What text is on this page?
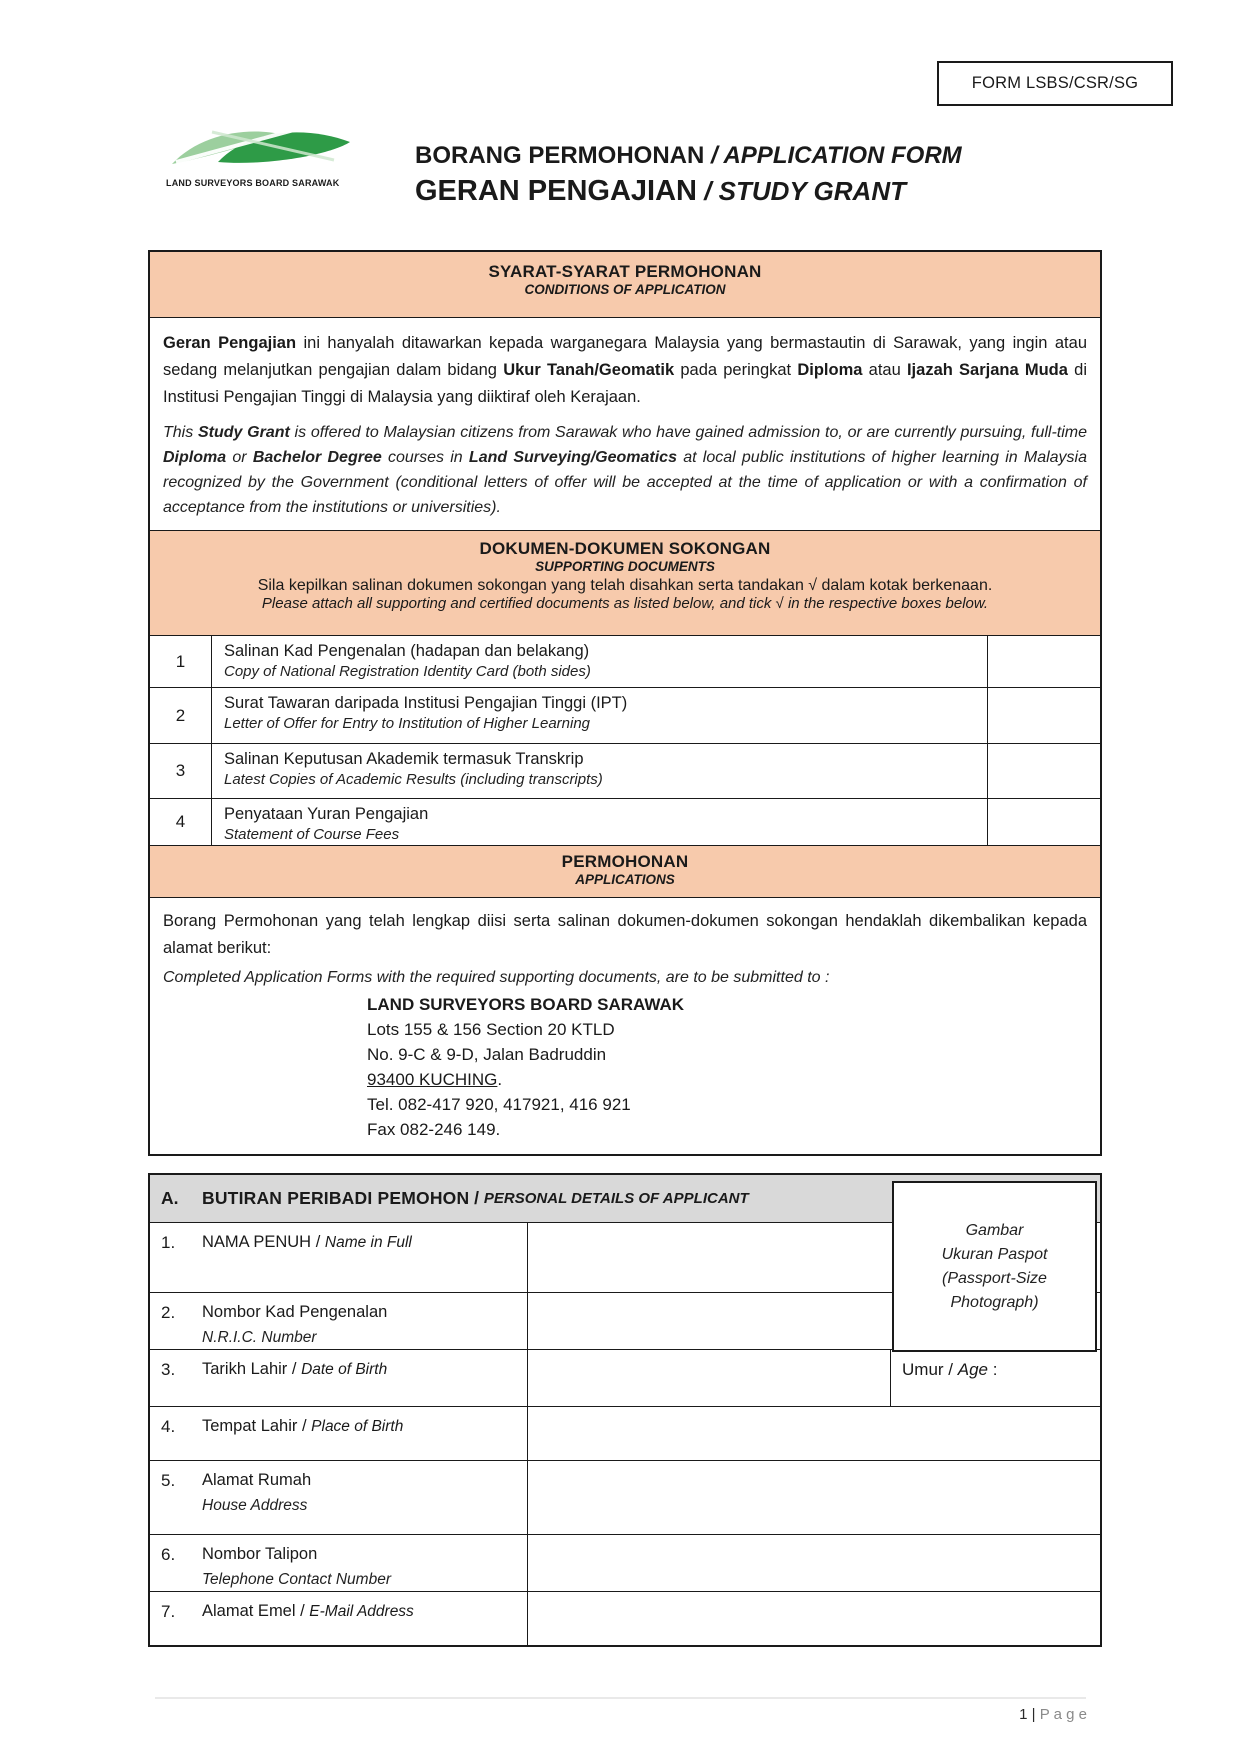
FORM LSBS/CSR/SG
LAND SURVEYORS BOARD SARAWAK
BORANG PERMOHONAN / APPLICATION FORM
GERAN PENGAJIAN / STUDY GRANT
SYARAT-SYARAT PERMOHONAN
CONDITIONS OF APPLICATION
Geran Pengajian ini hanyalah ditawarkan kepada warganegara Malaysia yang bermastautin di Sarawak, yang ingin atau sedang melanjutkan pengajian dalam bidang Ukur Tanah/Geomatik pada peringkat Diploma atau Ijazah Sarjana Muda di Institusi Pengajian Tinggi di Malaysia yang diiktiraf oleh Kerajaan.
This Study Grant is offered to Malaysian citizens from Sarawak who have gained admission to, or are currently pursuing, full-time Diploma or Bachelor Degree courses in Land Surveying/Geomatics at local public institutions of higher learning in Malaysia recognized by the Government (conditional letters of offer will be accepted at the time of application or with a confirmation of acceptance from the institutions or universities).
DOKUMEN-DOKUMEN SOKONGAN
SUPPORTING DOCUMENTS
Sila kepilkan salinan dokumen sokongan yang telah disahkan serta tandakan √ dalam kotak berkenaan.
Please attach all supporting and certified documents as listed below, and tick √ in the respective boxes below.
1
Salinan Kad Pengenalan (hadapan dan belakang)
Copy of National Registration Identity Card (both sides)
2
Surat Tawaran daripada Institusi Pengajian Tinggi (IPT)
Letter of Offer for Entry to Institution of Higher Learning
3
Salinan Keputusan Akademik termasuk Transkrip
Latest Copies of Academic Results (including transcripts)
4	Penyataan Yuran Pengajian
Statement of Course Fees
PERMOHONAN
APPLICATIONS
Borang Permohonan yang telah lengkap diisi serta salinan dokumen-dokumen sokongan hendaklah dikembalikan kepada alamat berikut:
Completed Application Forms with the required supporting documents, are to be submitted to :
LAND SURVEYORS BOARD SARAWAK
Lots 155 & 156 Section 20 KTLD
No. 9-C & 9-D, Jalan Badruddin
93400 KUCHING.
Tel. 082-417 920, 417921, 416 921
Fax 082-246 149.
A.	BUTIRAN PERIBADI PEMOHON / PERSONAL DETAILS OF APPLICANT
1.	NAMA PENUH / Name in Full
2.	Nombor Kad Pengenalan
N.R.I.C. Number
3.	Tarikh Lahir / Date of Birth	Umur / Age :
4.	Tempat Lahir / Place of Birth
5.	Alamat Rumah
House Address
6.	Nombor Talipon
Telephone Contact Number
7.	Alamat Emel / E-Mail Address
Gambar
Ukuran Paspot
(Passport-Size
Photograph)
1 | P a g e
